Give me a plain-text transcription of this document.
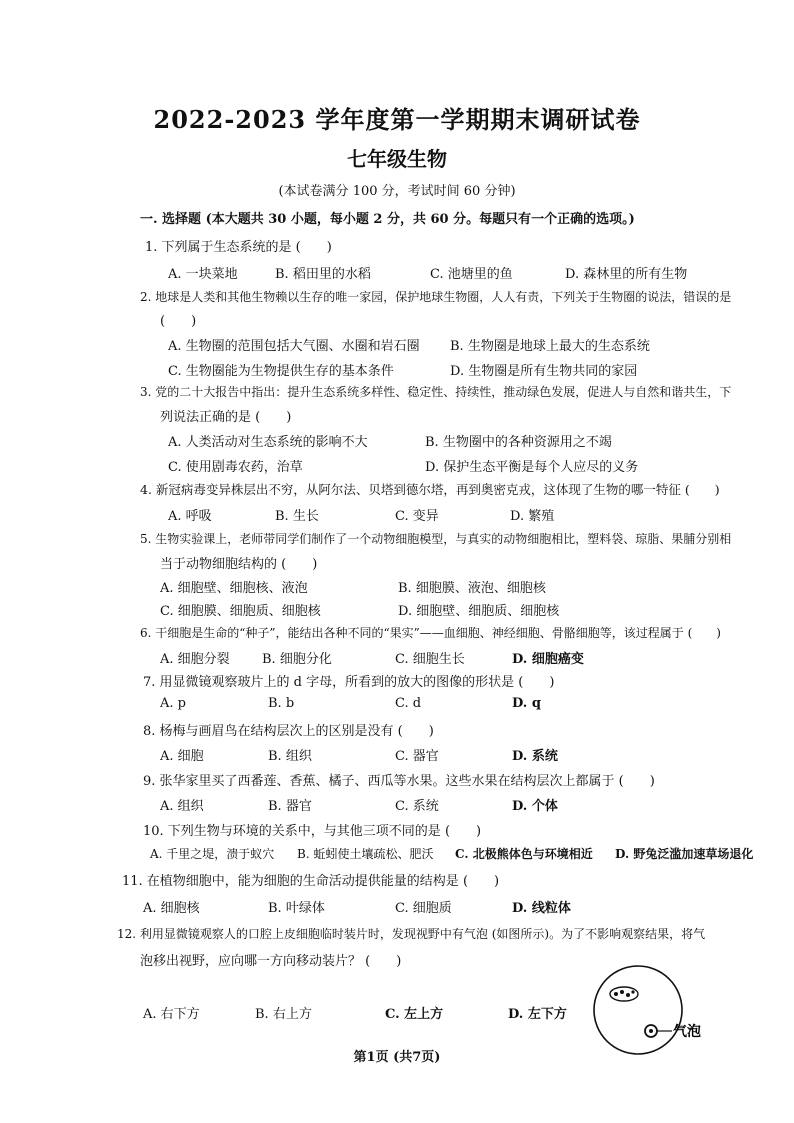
2022-2023 学年度第一学期期末调研试卷
七年级生物
(本试卷满分 100 分，考试时间 60 分钟)
一. 选择题 (本大题共 30 小题，每小题 2 分，共 60 分。每题只有一个正确的选项。)
1. 下列属于生态系统的是 (　　)
A. 一块菜地	B. 稻田里的水稻	C. 池塘里的鱼	D. 森林里的所有生物
2. 地球是人类和其他生物赖以生存的唯一家园，保护地球生物圈，人人有责，下列关于生物圈的说法，错误的是
(　　)
A. 生物圈的范围包括大气圈、水圈和岩石圈 B. 生物圈是地球上最大的生态系统
C. 生物圈能为生物提供生存的基本条件	D. 生物圈是所有生物共同的家园
3. 党的二十大报告中指出：提升生态系统多样性、稳定性、持续性，推动绿色发展，促进人与自然和谐共生，下
列说法正确的是 (　　)
A. 人类活动对生态系统的影响不大	B. 生物圈中的各种资源用之不竭
C. 使用剧毒农药，治草	D. 保护生态平衡是每个人应尽的义务
4. 新冠病毒变异株层出不穷，从阿尔法、贝塔到德尔塔，再到奥密克戎，这体现了生物的哪一特征 (　　)
A. 呼吸	B. 生长	C. 变异	D. 繁殖
5. 生物实验课上，老师带同学们制作了一个动物细胞模型，与真实的动物细胞相比，塑料袋、琼脂、果脯分别相
当于动物细胞结构的 (　　)
A. 细胞壁、细胞核、液泡	B. 细胞膜、液泡、细胞核
C. 细胞膜、细胞质、细胞核	D. 细胞壁、细胞质、细胞核
6. 干细胞是生命的“种子”，能结出各种不同的“果实”——血细胞、神经细胞、骨骼细胞等，该过程属于 (　　)
A. 细胞分裂 B. 细胞分化	C. 细胞生长	D. 细胞癌变
7. 用显微镜观察玻片上的 d 字母，所看到的放大的图像的形状是 (　　)
A. p	B. b	C. d	D. q
8. 杨梅与画眉鸟在结构层次上的区别是没有 (　　)
A. 细胞	B. 组织	C. 器官	D. 系统
9. 张华家里买了西番莲、香蕉、橘子、西瓜等水果。这些水果在结构层次上都属于 (　　)
A. 组织	B. 器官	C. 系统	D. 个体
10. 下列生物与环境的关系中，与其他三项不同的是 (　　)
A. 千里之堤，溃于蚁穴 B. 蚯蚓使土壤疏松、肥沃 C. 北极熊体色与环境相近 D. 野兔泛滥加速草场退化
11. 在植物细胞中，能为细胞的生命活动提供能量的结构是 (　　)
A. 细胞核	B. 叶绿体	C. 细胞质	D. 线粒体
12. 利用显微镜观察人的口腔上皮细胞临时装片时，发现视野中有气泡 (如图所示)。为了不影响观察结果，将气
泡移出视野，应向哪一方向移动装片？ (　　)
A. 右下方	B. 右上方	C. 左上方	D. 左下方
气泡
第1页 (共7页)
